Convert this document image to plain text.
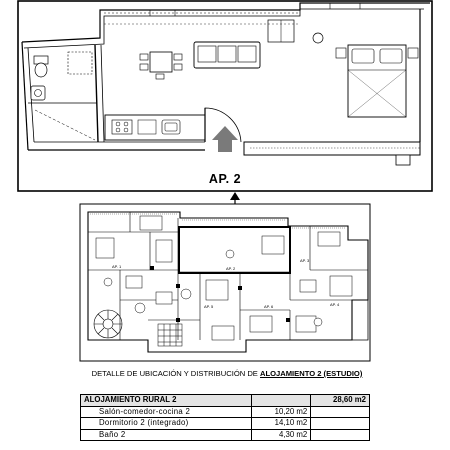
AP. 2
AP. 1	AP. 2
AP. 3
AP. 4
AP. 5	AP. 6
DETALLE DE UBICACIÓN Y DISTRIBUCIÓN DE ALOJAMIENTO 2 (ESTUDIO)
ALOJAMIENTO RURAL 2		28,60 m2
Salón-comedor-cocina 2	10,20 m2	
Dormitorio 2 (integrado)	14,10 m2	
Baño 2	4,30 m2	
